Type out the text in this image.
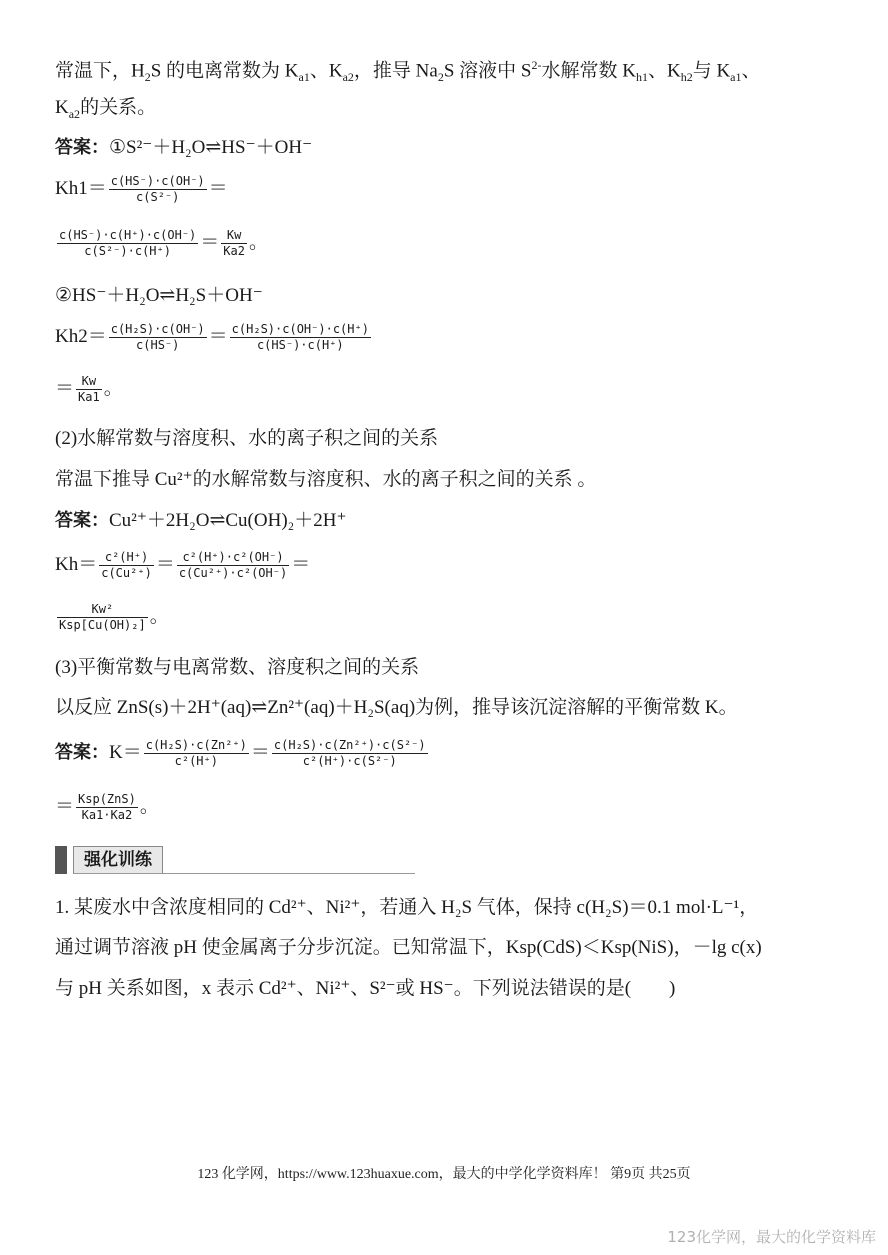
常温下，$H_2S$ 的电离常数为 $K_{a1}$、$K_{a2}$，推导 $Na_2S$ 溶液中 $S^{2-}$水解常数 $K_{h1}$、$K_{h2}$与 $K_{a1}$、
$K_{a2}$的关系。
答案：①S²⁻＋H₂O⇌HS⁻＋OH⁻
$Kh1= \frac{c(HS^-)\cdot c(OH^-)}{\text{c(S²⁻)}}$ ＝
$\frac{c(HS^-)\cdot c(H^+)\cdot c(OH^-)}{\text{c(S²⁻)·c(H⁺)}} = \frac{Kw}{Ka2}$ 。
②HS⁻＋H₂O⇌H₂S＋OH⁻
$Kh2= \frac{\text{c(H₂S)·c(OH⁻)}}{c(HS^-)} = \frac{\text{c(H₂S)·c(OH⁻)·c(H⁺)}}{c(HS^-)\cdot c(H^+)}$
＝ $\frac{Kw}{Ka1}$ 。
(2)水解常数与溶度积、水的离子积之间的关系
常温下推导 Cu²⁺的水解常数与溶度积、水的离子积之间的关系 。
答案：Cu²⁺＋2H₂O⇌Cu(OH)₂＋2H⁺
$Kh= \frac{\text{c²(H⁺)}}{\text{c(Cu²⁺)}} = \frac{\text{c²(H⁺)·c²(OH⁻)}}{\text{c(Cu²⁺)·c²(OH⁻)}}$ ＝
$\frac{\text{Kw²}}{\text{Ksp[Cu(OH)₂]}}$ 。
(3)平衡常数与电离常数、溶度积之间的关系
以反应 ZnS(s)＋2H⁺(aq)⇌Zn²⁺(aq)＋H₂S(aq)为例，推导该沉淀溶解的平衡常数 K。
答案：$K= \frac{\text{c(H₂S)·c(Zn²⁺)}}{\text{c²(H⁺)}} = \frac{\text{c(H₂S)·c(Zn²⁺)·c(S²⁻)}}{\text{c²(H⁺)·c(S²⁻)}}$
＝ $\frac{\text{Ksp(ZnS)}}{Ka1\cdot Ka2}$ 。
强化训练
1. 某废水中含浓度相同的 Cd²⁺、Ni²⁺，若通入 H₂S 气体，保持 c(H₂S)＝0.1 mol·L⁻¹，
通过调节溶液 pH 使金属离子分步沉淀。已知常温下，Ksp(CdS)＜Ksp(NiS)，－lg c(x)
与 pH 关系如图，x 表示 Cd²⁺、Ni²⁺、S²⁻或 HS⁻。下列说法错误的是(　　)
123 化学网，https://www.123huaxue.com，最大的中学化学资料库！ 第9页 共25页
123化学网，最大的化学资料库
